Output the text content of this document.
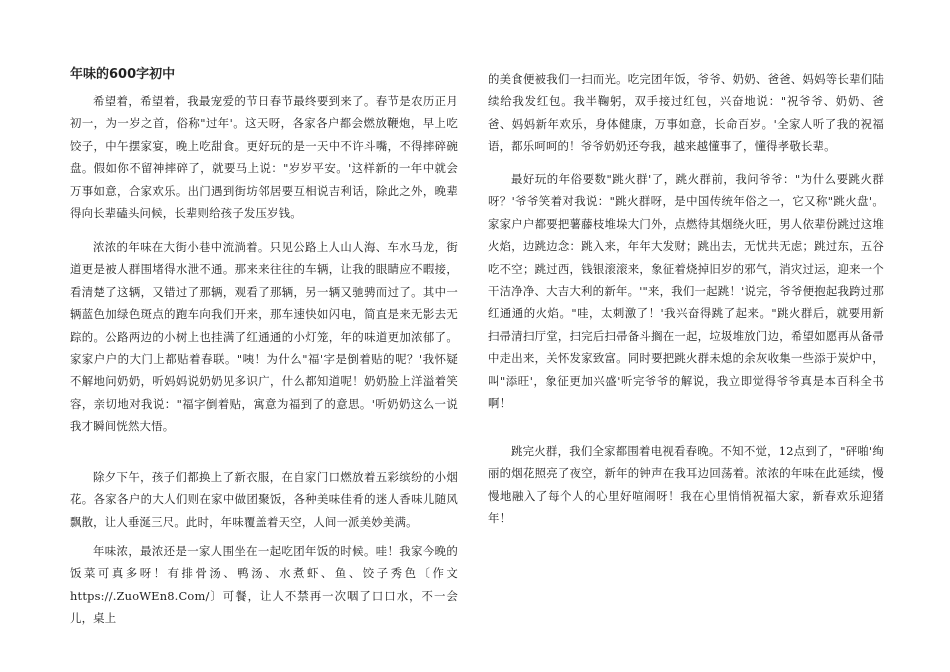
年味的600字初中

希望着，希望着，我最宠爱的节日春节最终要到来了。春节是农历正月初一，为一岁之首，俗称"过年'。这天呀，各家各户都会燃放鞭炮，早上吃饺子，中午摆家宴，晚上吃甜食。更好玩的是一天中不许斗嘴，不得摔碎碗盘。假如你不留神摔碎了，就要马上说："岁岁平安。'这样新的一年中就会万事如意，合家欢乐。出门遇到街坊邻居要互相说吉利话，除此之外，晚辈得向长辈磕头问候，长辈则给孩子发压岁钱。

浓浓的年味在大街小巷中流淌着。只见公路上人山人海、车水马龙，街道更是被人群围堵得水泄不通。那来来往往的车辆，让我的眼睛应不暇接，看清楚了这辆，又错过了那辆，观看了那辆，另一辆又驰骋而过了。其中一辆蓝色加绿色斑点的跑车向我们开来，那车速快如闪电，简直是来无影去无踪的。公路两边的小树上也挂满了红通通的小灯笼，年的味道更加浓郁了。家家户户的大门上都贴着春联。"咦！为什么"福'字是倒着贴的呢？'我怀疑不解地问奶奶，听妈妈说奶奶见多识广，什么都知道呢！奶奶脸上洋溢着笑容，亲切地对我说："福字倒着贴，寓意为福到了的意思。'听奶奶这么一说我才瞬间恍然大悟。

除夕下午，孩子们都换上了新衣服，在自家门口燃放着五彩缤纷的小烟花。各家各户的大人们则在家中做团聚饭，各种美味佳肴的迷人香味儿随风飘散，让人垂涎三尺。此时，年味覆盖着天空，人间一派美妙美满。

年味浓，最浓还是一家人围坐在一起吃团年饭的时候。哇！我家今晚的饭菜可真多呀！有排骨汤、鸭汤、水煮虾、鱼、饺子秀色〔作文https://.ZuoWEn8.Com/〕可餐，让人不禁再一次咽了口口水，不一会儿，桌上

的美食便被我们一扫而光。吃完团年饭，爷爷、奶奶、爸爸、妈妈等长辈们陆续给我发红包。我半鞠躬，双手接过红包，兴奋地说："祝爷爷、奶奶、爸爸、妈妈新年欢乐，身体健康，万事如意，长命百岁。'全家人听了我的祝福语，都乐呵呵的！爷爷奶奶还夸我，越来越懂事了，懂得孝敬长辈。

最好玩的年俗要数"跳火群'了，跳火群前，我问爷爷："为什么要跳火群呀？'爷爷笑着对我说："跳火群呀，是中国传统年俗之一，它又称"跳火盘'。家家户户都要把薯藤枝堆垛大门外，点燃待其烟绕火旺，男人依辈份跳过这堆火焰，边跳边念：跳入来，年年大发财；跳出去，无忧共无虑；跳过东，五谷吃不空；跳过西，钱银滚滚来，象征着烧掉旧岁的邪气，消灾过运，迎来一个干洁净净、大吉大利的新年。'"来，我们一起跳！'说完，爷爷便抱起我跨过那红通通的火焰。"哇，太刺激了！'我兴奋得跳了起来。"跳火群后，就要用新扫帚清扫厅堂，扫完后扫帚备斗搁在一起，垃圾堆放门边，希望如愿再从备帚中走出来，关怀发家致富。同时要把跳火群未熄的余灰收集一些添于炭炉中，叫"添旺'，象征更加兴盛'听完爷爷的解说，我立即觉得爷爷真是本百科全书啊！

跳完火群，我们全家都围着电视看春晚。不知不觉，12点到了，"砰啪'绚丽的烟花照亮了夜空，新年的钟声在我耳边回荡着。浓浓的年味在此延续，慢慢地融入了每个人的心里好喧闹呀！我在心里悄悄祝福大家，新春欢乐迎猪年！
